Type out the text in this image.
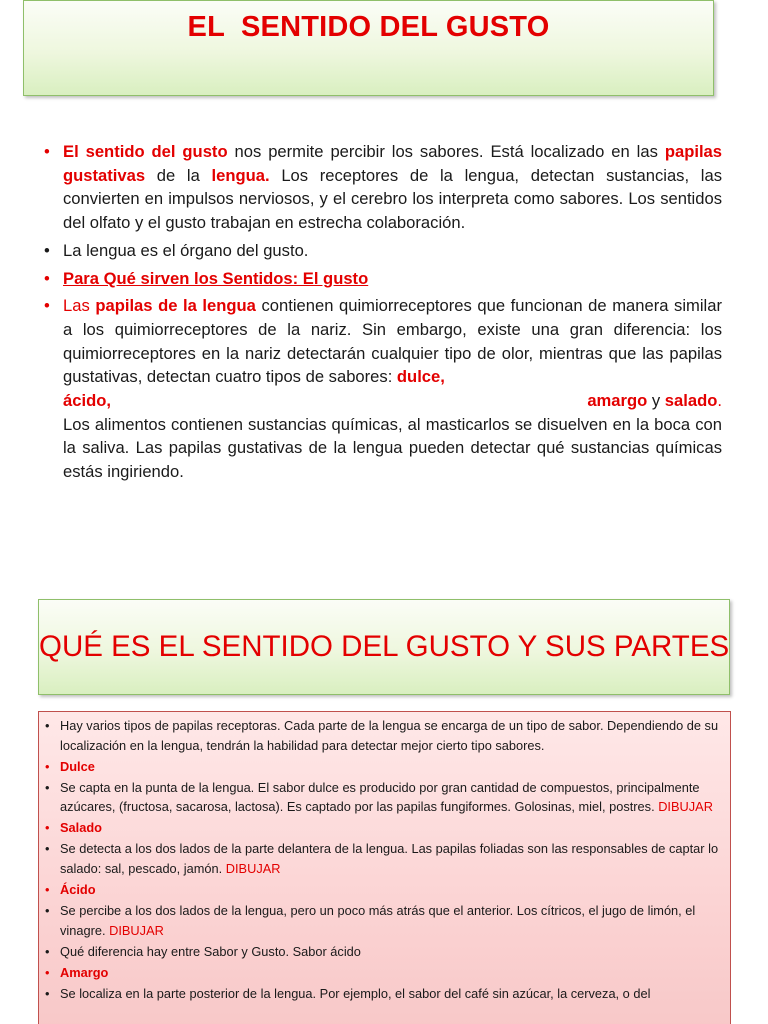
EL  SENTIDO DEL GUSTO
• El sentido del gusto nos permite percibir los sabores. Está localizado en las papilas gustativas de la lengua. Los receptores de la lengua, detectan sustancias, las convierten en impulsos nerviosos, y el cerebro los interpreta como sabores. Los sentidos del olfato y el gusto trabajan en estrecha colaboración.
• La lengua es el órgano del gusto.
• Para Qué sirven los Sentidos: El gusto
• Las papilas de la lengua contienen quimiorreceptores que funcionan de manera similar a los quimiorreceptores de la nariz. Sin embargo, existe una gran diferencia: los quimiorreceptores en la nariz detectarán cualquier tipo de olor, mientras que las papilas gustativas, detectan cuatro tipos de sabores: dulce,
ácido,	amargo y salado.
Los alimentos contienen sustancias químicas, al masticarlos se disuelven en la boca con la saliva. Las papilas gustativas de la lengua pueden detectar qué sustancias químicas estás ingiriendo.
QUÉ ES EL SENTIDO DEL GUSTO Y SUS PARTES
• Hay varios tipos de papilas receptoras. Cada parte de la lengua se encarga de un tipo de sabor. Dependiendo de su localización en la lengua, tendrán la habilidad para detectar mejor cierto tipo sabores.
• Dulce
• Se capta en la punta de la lengua. El sabor dulce es producido por gran cantidad de compuestos, principalmente azúcares, (fructosa, sacarosa, lactosa). Es captado por las papilas fungiformes. Golosinas, miel, postres. DIBUJAR
• Salado
• Se detecta a los dos lados de la parte delantera de la lengua. Las papilas foliadas son las responsables de captar lo salado: sal, pescado, jamón. DIBUJAR
• Ácido
• Se percibe a los dos lados de la lengua, pero un poco más atrás que el anterior. Los cítricos, el jugo de limón, el vinagre. DIBUJAR
• Qué diferencia hay entre Sabor y Gusto. Sabor ácido
• Amargo
• Se localiza en la parte posterior de la lengua. Por ejemplo, el sabor del café sin azúcar, la cerveza, o del
